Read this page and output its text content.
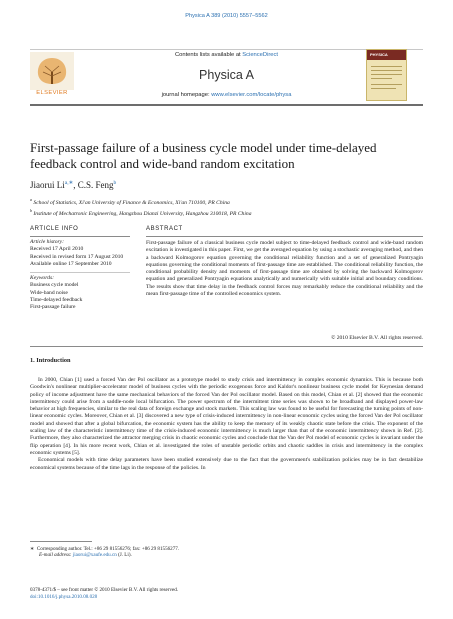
Physica A 389 (2010) 5557–5562
Contents lists available at ScienceDirect
ELSEVIER
Physica A
journal homepage: www.elsevier.com/locate/physa
PHYSICA
First-passage failure of a business cycle model under time-delayed feedback control and wide-band random excitation
Jiaorui $Li^{a,∗}$, C.S. Feng$^b$
$^a$ School of Statistics, Xi'an University of Finance & Economics, Xi'an 710100, PR China
$^b$ Institute of Mechatronic Engineering, Hangzhou Dianzi University, Hangzhou 310018, PR China
ARTICLE INFO
Article history:
Received 17 April 2010
Received in revised form 17 August 2010
Available online 17 September 2010
Keywords:
Business cycle model
Wide-band noise
Time-delayed feedback
First-passage failure
ABSTRACT
First-passage failure of a classical business cycle model subject to time-delayed feedback control and wide-band random excitation is investigated in this paper. First, we get the averaged equation by using a stochastic averaging method, and then a backward Kolmogorov equation governing the conditional reliability function and a set of generalized Pontryagin equations governing the conditional moments of first-passage time are established. The conditional reliability function, the conditional probability density and moments of first-passage time are obtained by solving the backward Kolmogorov equation and generalized Pontryagin equations analytically and numerically with suitable initial and boundary conditions. The results show that time delay in the feedback control forces may remarkably reduce the conditional reliability and the mean first-passage time of the controlled economics system.
© 2010 Elsevier B.V. All rights reserved.
1. Introduction

In 2000, Chian [1] used a forced Van der Pol oscillator as a prototype model to study crisis and intermittency in complex economic dynamics. This is because both Goodwin's nonlinear multiplier-accelerator model of business cycles with the periodic exogenous force and Kaldor's nonlinear business cycle model for Keynesian demand policy of income adjustment have the same mechanical behaviors of the forced Van der Pol oscillator model. Based on this model, Chian et al. [2] showed that the economic intermittency could arise from a saddle-node local bifurcation. The power spectrum of the intermittent time series was shown to be broadband and displayed power-law behavior at high frequencies, similar to the real data of foreign exchange and stock markets. This scaling law was found to be useful for forecasting the turning points of non-linear economic cycles. Moreover, Chian et al. [3] discovered a new type of crisis-induced intermittency in non-linear economic cycles using the forced Van der Pol oscillator model and showed that after a global bifurcation, the economic system has the ability to keep the memory of its weakly chaotic state before the crisis. The exponent of the scaling law of the characteristic intermittency time of the crisis-induced economic intermittency is much larger than that of the economic intermittency shown in Ref. [2]. Furthermore, they also characterized the attractor merging crisis in chaotic economic cycles and conclude that the Van der Pol model of economic cycles is invariant under the flip operation [4]. In his more recent work, Chian et al. investigated the roles of unstable periodic orbits and chaotic saddles in crisis and intermittency in the complex economic systems [5].

Economical models with time delay parameters have been studied extensively due to the fact that the government's stabilization policies may be in fact destabilize economical systems because of the time lags in the response of the policies. In

∗ Corresponding author. Tel.: +86 29 81556276; fax: +86 29 81556277.
E-mail address: jiaorui@xaufe.edu.cn (J. Li).
0378-4371/$ – see front matter © 2010 Elsevier B.V. All rights reserved.
doi:10.1016/j.physa.2010.08.028
